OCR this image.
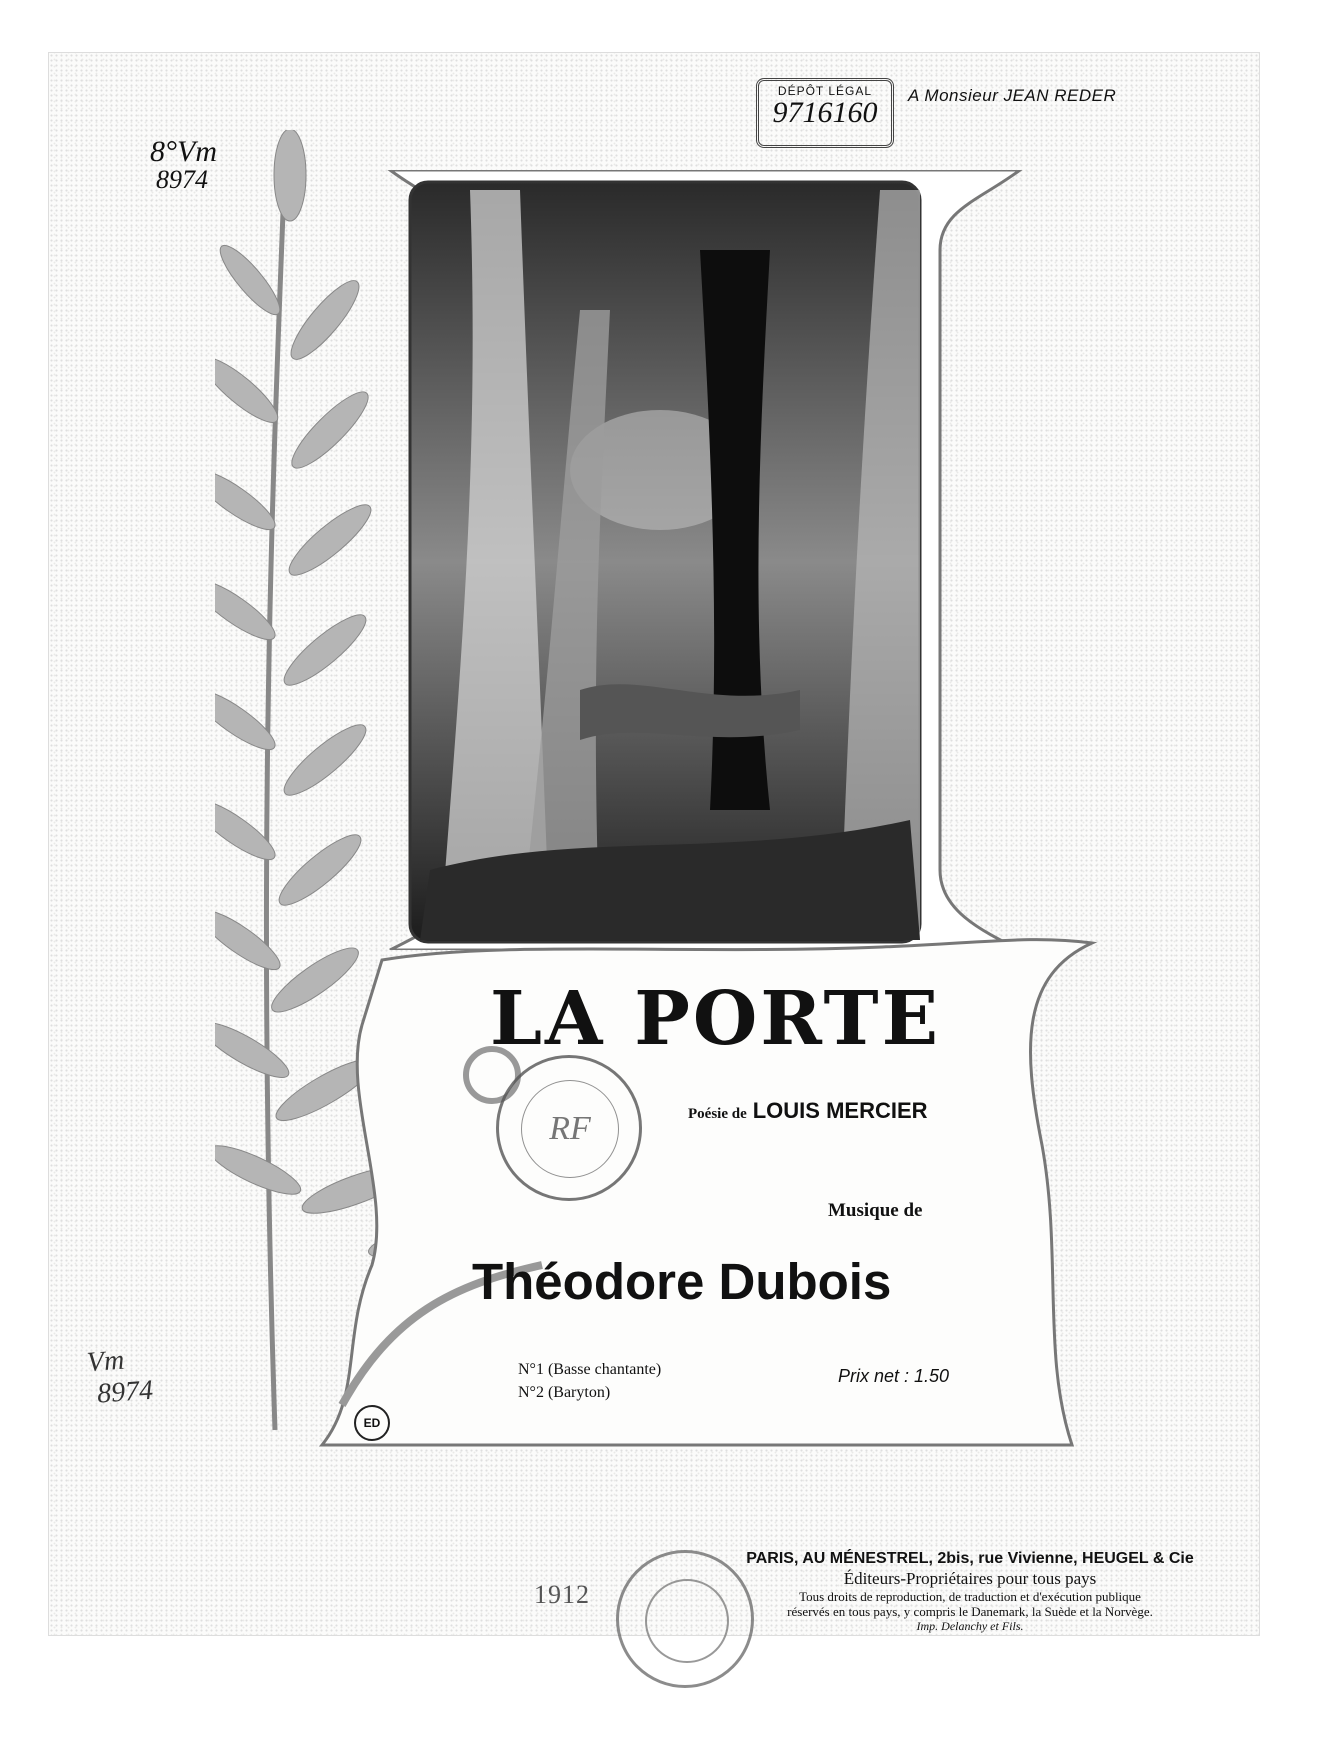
8°Vm
8974
DÉPÔT LÉGAL
9716160
A Monsieur JEAN REDER
LA PORTE
RF	Poésie de LOUIS MERCIER
Musique de
Théodore Dubois
N°1 (Basse chantante)
N°2 (Baryton)
Prix net : 1.50
ED
Vm
8974
1912
PARIS, AU MÉNESTREL, 2bis, rue Vivienne, HEUGEL & Cie
Éditeurs-Propriétaires pour tous pays
Tous droits de reproduction, de traduction et d'exécution publique
réservés en tous pays, y compris le Danemark, la Suède et la Norvège.
Imp. Delanchy et Fils.
